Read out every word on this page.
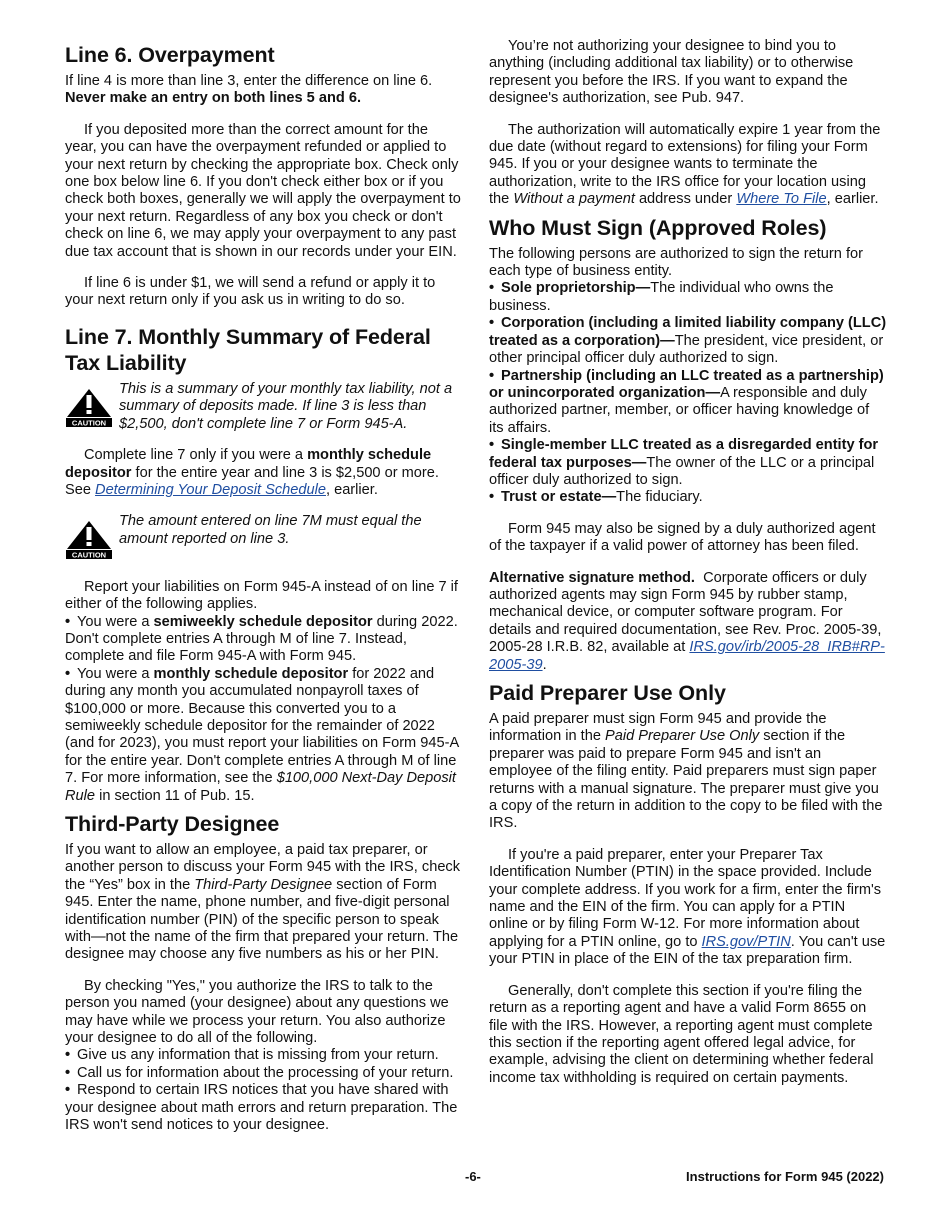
Line 6. Overpayment

If line 4 is more than line 3, enter the difference on line 6.
Never make an entry on both lines 5 and 6.

If you deposited more than the correct amount for the year, you can have the overpayment refunded or applied to your next return by checking the appropriate box. Check only one box below line 6. If you don't check either box or if you check both boxes, generally we will apply the overpayment to your next return. Regardless of any box you check or don't check on line 6, we may apply your overpayment to any past due tax account that is shown in our records under your EIN.

If line 6 is under $1, we will send a refund or apply it to your next return only if you ask us in writing to do so.

Line 7. Monthly Summary of Federal Tax Liability
CAUTION
This is a summary of your monthly tax liability, not a summary of deposits made. If line 3 is less than $2,500, don't complete line 7 or Form 945-A.

Complete line 7 only if you were a monthly schedule depositor for the entire year and line 3 is $2,500 or more. See Determining Your Deposit Schedule, earlier.

CAUTION
The amount entered on line 7M must equal the amount reported on line 3.

Report your liabilities on Form 945-A instead of on line 7 if either of the following applies.

• You were a semiweekly schedule depositor during 2022. Don't complete entries A through M of line 7. Instead, complete and file Form 945-A with Form 945.

• You were a monthly schedule depositor for 2022 and during any month you accumulated nonpayroll taxes of $100,000 or more. Because this converted you to a semiweekly schedule depositor for the remainder of 2022 (and for 2023), you must report your liabilities on Form 945-A for the entire year. Don't complete entries A through M of line 7. For more information, see the $100,000 Next-Day Deposit Rule in section 11 of Pub. 15.

Third-Party Designee

If you want to allow an employee, a paid tax preparer, or another person to discuss your Form 945 with the IRS, check the “Yes” box in the Third-Party Designee section of Form 945. Enter the name, phone number, and five-digit personal identification number (PIN) of the specific person to speak with—not the name of the firm that prepared your return. The designee may choose any five numbers as his or her PIN.

By checking "Yes," you authorize the IRS to talk to the person you named (your designee) about any questions we may have while we process your return. You also authorize your designee to do all of the following.

• Give us any information that is missing from your return.

• Call us for information about the processing of your return.

• Respond to certain IRS notices that you have shared with your designee about math errors and return preparation. The IRS won't send notices to your designee.

You’re not authorizing your designee to bind you to anything (including additional tax liability) or to otherwise represent you before the IRS. If you want to expand the designee's authorization, see Pub. 947.

The authorization will automatically expire 1 year from the due date (without regard to extensions) for filing your Form 945. If you or your designee wants to terminate the authorization, write to the IRS office for your location using the Without a payment address under Where To File, earlier.

Who Must Sign (Approved Roles)

The following persons are authorized to sign the return for each type of business entity.

• Sole proprietorship—The individual who owns the business.

• Corporation (including a limited liability company (LLC) treated as a corporation)—The president, vice president, or other principal officer duly authorized to sign.

• Partnership (including an LLC treated as a partnership) or unincorporated organization—A responsible and duly authorized partner, member, or officer having knowledge of its affairs.

• Single-member LLC treated as a disregarded entity for federal tax purposes—The owner of the LLC or a principal officer duly authorized to sign.

• Trust or estate—The fiduciary.

Form 945 may also be signed by a duly authorized agent of the taxpayer if a valid power of attorney has been filed.

Alternative signature method. Corporate officers or duly authorized agents may sign Form 945 by rubber stamp, mechanical device, or computer software program. For details and required documentation, see Rev. Proc. 2005-39, 2005-28 I.R.B. 82, available at IRS.gov/irb/2005-28_IRB#RP-2005-39.

Paid Preparer Use Only

A paid preparer must sign Form 945 and provide the information in the Paid Preparer Use Only section if the preparer was paid to prepare Form 945 and isn't an employee of the filing entity. Paid preparers must sign paper returns with a manual signature. The preparer must give you a copy of the return in addition to the copy to be filed with the IRS.

If you're a paid preparer, enter your Preparer Tax Identification Number (PTIN) in the space provided. Include your complete address. If you work for a firm, enter the firm's name and the EIN of the firm. You can apply for a PTIN online or by filing Form W-12. For more information about applying for a PTIN online, go to IRS.gov/PTIN. You can't use your PTIN in place of the EIN of the tax preparation firm.

Generally, don't complete this section if you're filing the return as a reporting agent and have a valid Form 8655 on file with the IRS. However, a reporting agent must complete this section if the reporting agent offered legal advice, for example, advising the client on determining whether federal income tax withholding is required on certain payments.

-6-	Instructions for Form 945 (2022)
